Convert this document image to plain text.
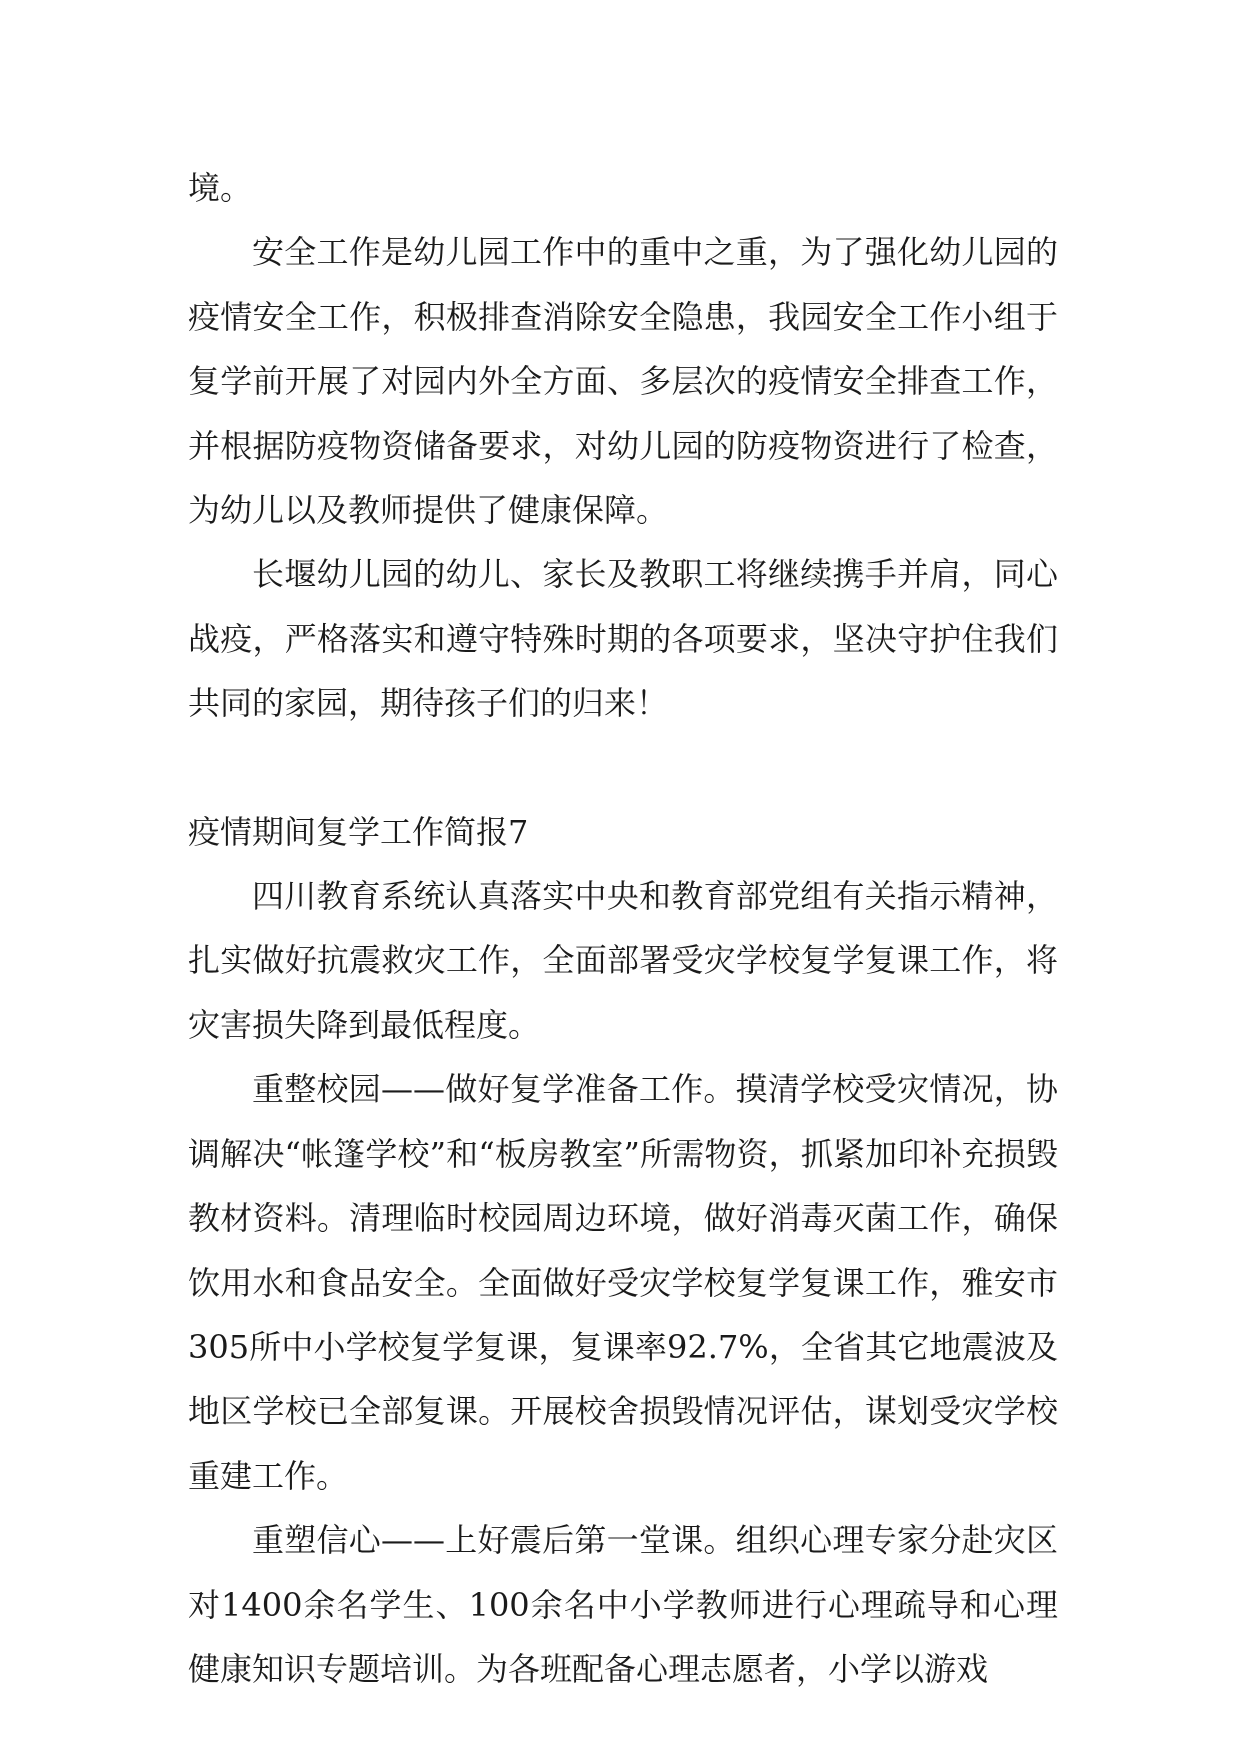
境。

安全工作是幼儿园工作中的重中之重，为了强化幼儿园的疫情安全工作，积极排查消除安全隐患，我园安全工作小组于复学前开展了对园内外全方面、多层次的疫情安全排查工作，并根据防疫物资储备要求，对幼儿园的防疫物资进行了检查，为幼儿以及教师提供了健康保障。

长堰幼儿园的幼儿、家长及教职工将继续携手并肩，同心战疫，严格落实和遵守特殊时期的各项要求，坚决守护住我们共同的家园，期待孩子们的归来！

疫情期间复学工作简报7

四川教育系统认真落实中央和教育部党组有关指示精神，扎实做好抗震救灾工作，全面部署受灾学校复学复课工作，将灾害损失降到最低程度。

重整校园——做好复学准备工作。摸清学校受灾情况，协调解决“帐篷学校”和“板房教室”所需物资，抓紧加印补充损毁教材资料。清理临时校园周边环境，做好消毒灭菌工作，确保饮用水和食品安全。全面做好受灾学校复学复课工作，雅安市305所中小学校复学复课，复课率92.7%，全省其它地震波及地区学校已全部复课。开展校舍损毁情况评估，谋划受灾学校重建工作。

重塑信心——上好震后第一堂课。组织心理专家分赴灾区对1400余名学生、100余名中小学教师进行心理疏导和心理健康知识专题培训。为各班配备心理志愿者，小学以游戏
